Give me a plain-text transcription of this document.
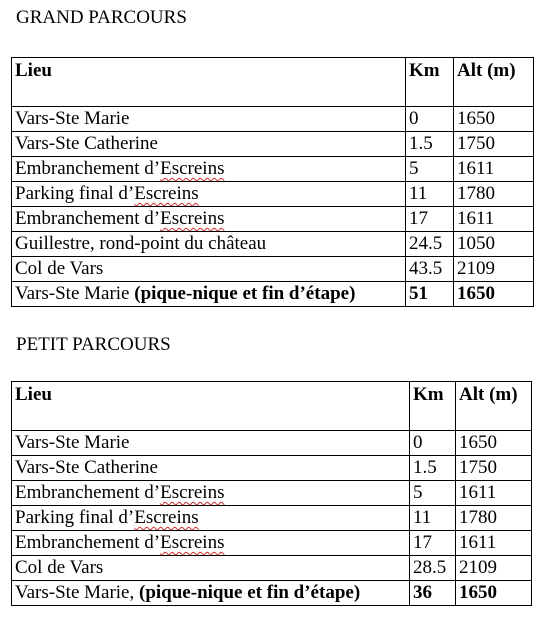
GRAND PARCOURS
Lieu	Km	Alt (m)
Vars-Ste Marie	0	1650
Vars-Ste Catherine	1.5	1750
Embranchement d’Escreins	5	1611
Parking final d’Escreins	11	1780
Embranchement d’Escreins	17	1611
Guillestre, rond-point du château	24.5	1050
Col de Vars	43.5	2109
Vars-Ste Marie (pique-nique et fin d’étape)	51	1650
PETIT PARCOURS
Lieu	Km	Alt (m)
Vars-Ste Marie	0	1650
Vars-Ste Catherine	1.5	1750
Embranchement d’Escreins	5	1611
Parking final d’Escreins	11	1780
Embranchement d’Escreins	17	1611
Col de Vars	28.5	2109
Vars-Ste Marie, (pique-nique et fin d’étape)	36	1650
